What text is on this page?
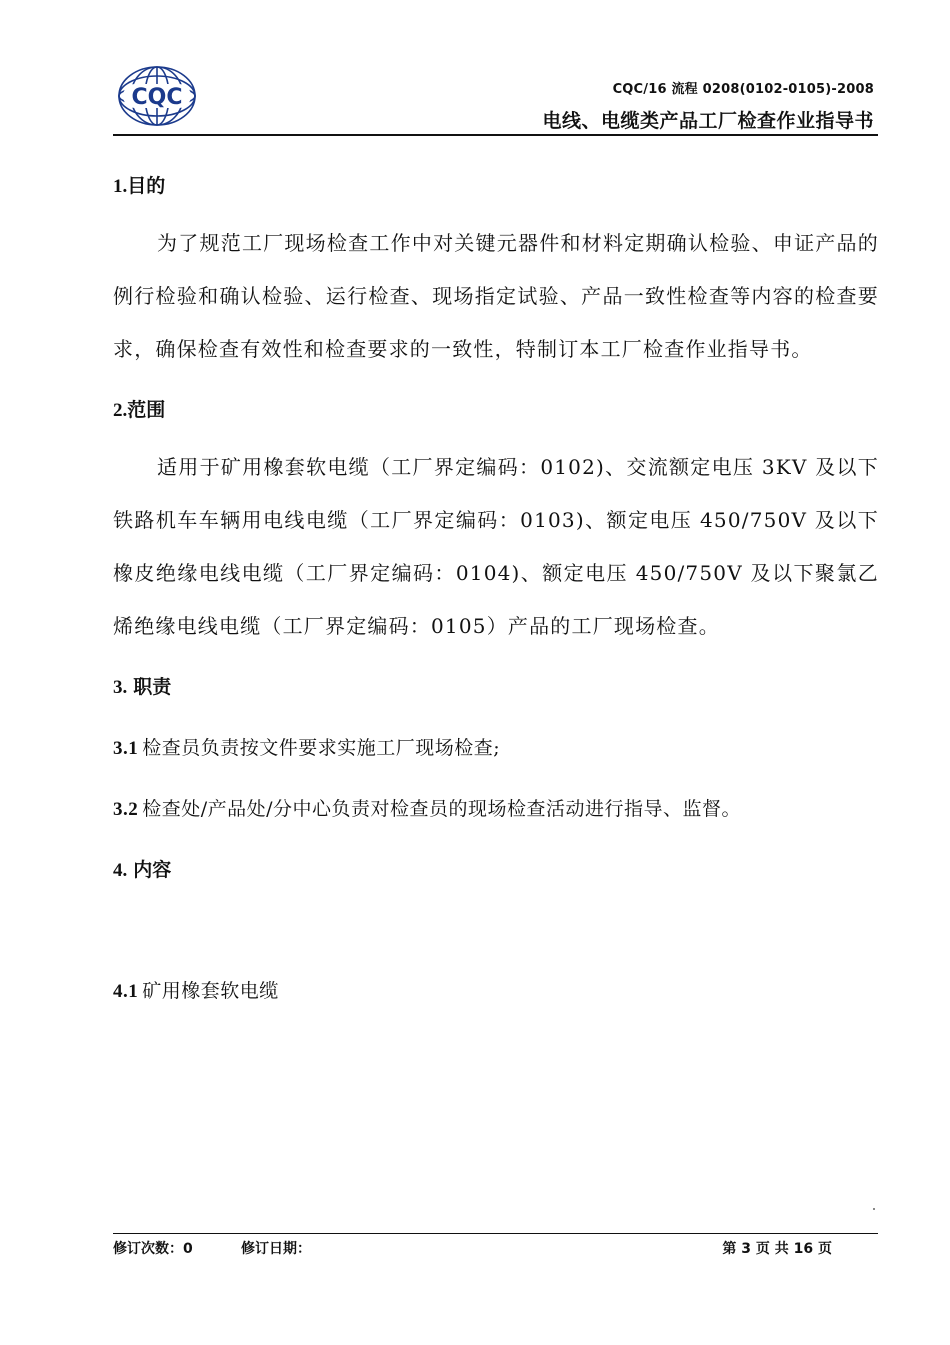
CQC	CQC/16 流程 0208(0102-0105)-2008
电线、电缆类产品工厂检查作业指导书
1.目的
为了规范工厂现场检查工作中对关键元器件和材料定期确认检验、申证产品的例行检验和确认检验、运行检查、现场指定试验、产品一致性检查等内容的检查要求，确保检查有效性和检查要求的一致性，特制订本工厂检查作业指导书。
2.范围
适用于矿用橡套软电缆（工厂界定编码：0102)、交流额定电压 3KV 及以下铁路机车车辆用电线电缆（工厂界定编码：0103)、额定电压 450/750V 及以下橡皮绝缘电线电缆（工厂界定编码：0104)、额定电压 450/750V 及以下聚氯乙烯绝缘电线电缆（工厂界定编码：0105）产品的工厂现场检查。
3. 职责
3.1 检查员负责按文件要求实施工厂现场检查;
3.2 检查处/产品处/分中心负责对检查员的现场检查活动进行指导、监督。
4. 内容
4.1 矿用橡套软电缆
修订次数：0	修订日期：	第 3 页 共 16 页
